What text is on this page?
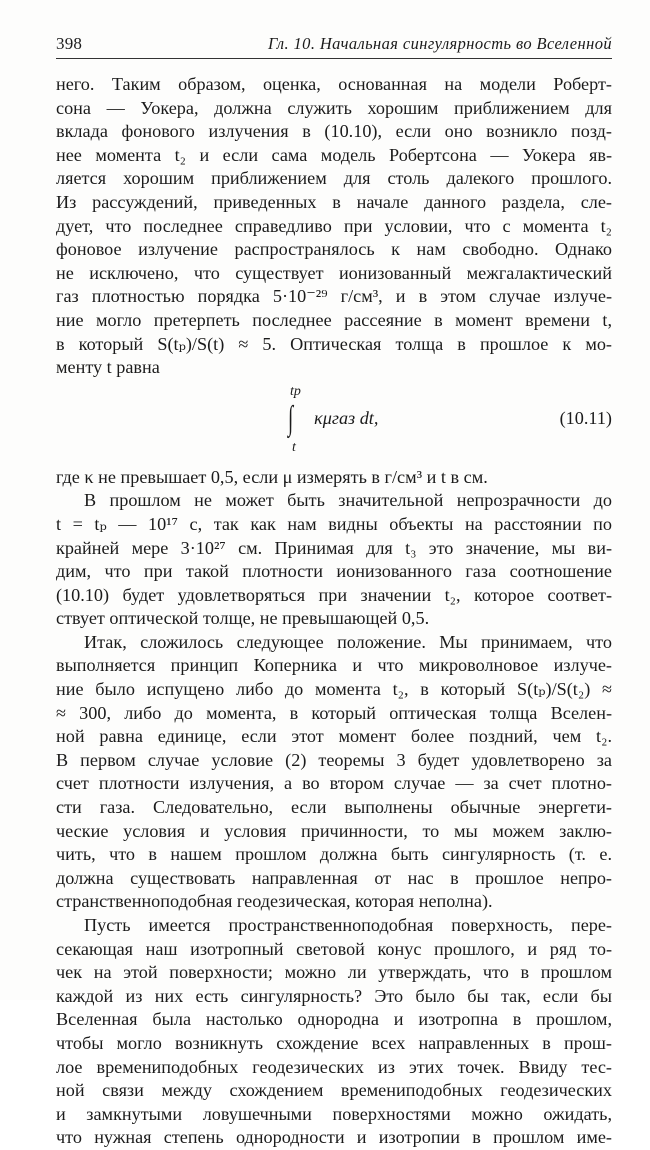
398	Гл. 10. Начальная сингулярность во Вселенной
него. Таким образом, оценка, основанная на модели Роберт-
сона — Уокера, должна служить хорошим приближением для
вклада фонового излучения в (10.10), если оно возникло позд-
нее момента t₂ и если сама модель Робертсона — Уокера яв-
ляется хорошим приближением для столь далекого прошлого.
Из рассуждений, приведенных в начале данного раздела, сле-
дует, что последнее справедливо при условии, что с момента t₂
фоновое излучение распространялось к нам свободно. Однако
не исключено, что существует ионизованный межгалактический
газ плотностью порядка 5·10⁻²⁹ г/см³, и в этом случае излуче-
ние могло претерпеть последнее рассеяние в момент времени t,
в который S(tₚ)/S(t) ≈ 5. Оптическая толща в прошлое к мо-
менту t равна
tp
∫
t
κμгаз dt,	(10.11)
где κ не превышает 0,5, если μ измерять в г/см³ и t в см.
В прошлом не может быть значительной непрозрачности до
t = tₚ — 10¹⁷ с, так как нам видны объекты на расстоянии по
крайней мере 3·10²⁷ см. Принимая для t₃ это значение, мы ви-
дим, что при такой плотности ионизованного газа соотношение
(10.10) будет удовлетворяться при значении t₂, которое соответ-
ствует оптической толще, не превышающей 0,5.
Итак, сложилось следующее положение. Мы принимаем, что
выполняется принцип Коперника и что микроволновое излуче-
ние было испущено либо до момента t₂, в который S(tₚ)/S(t₂) ≈
≈ 300, либо до момента, в который оптическая толща Вселен-
ной равна единице, если этот момент более поздний, чем t₂.
В первом случае условие (2) теоремы 3 будет удовлетворено за
счет плотности излучения, а во втором случае — за счет плотно-
сти газа. Следовательно, если выполнены обычные энергети-
ческие условия и условия причинности, то мы можем заклю-
чить, что в нашем прошлом должна быть сингулярность (т. е.
должна существовать направленная от нас в прошлое непро-
странственноподобная геодезическая, которая неполна).
Пусть имеется пространственноподобная поверхность, пере-
секающая наш изотропный световой конус прошлого, и ряд то-
чек на этой поверхности; можно ли утверждать, что в прошлом
каждой из них есть сингулярность? Это было бы так, если бы
Вселенная была настолько однородна и изотропна в прошлом,
чтобы могло возникнуть схождение всех направленных в прош-
лое времениподобных геодезических из этих точек. Ввиду тес-
ной связи между схождением времениподобных геодезических
и замкнутыми ловушечными поверхностями можно ожидать,
что нужная степень однородности и изотропии в прошлом име-
